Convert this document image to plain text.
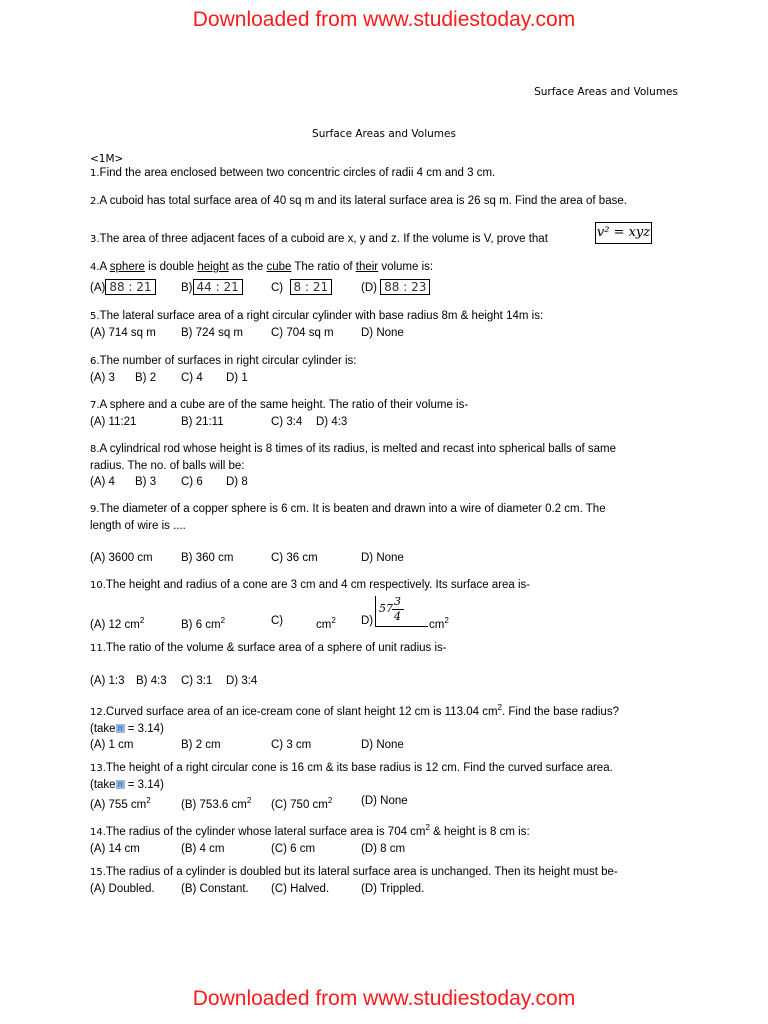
Downloaded from www.studiestoday.com
Surface Areas and Volumes
Surface Areas and Volumes
<1M>
1.Find the area enclosed between two concentric circles of radii 4 cm and 3 cm.
2.A cuboid has total surface area of 40 sq m and its lateral surface area is 26 sq m. Find the area of base.
3.The area of three adjacent faces of a cuboid are x, y and z. If the volume is V, prove that	v² = xyz
4.A sphere is double height as the cube The ratio of their volume is:
(A) 88 : 21	B) 44 : 21	C) 8 : 21	(D) 88 : 23
5.The lateral surface area of a right circular cylinder with base radius 8m & height 14m is:
(A) 714 sq m B) 724 sq m C) 704 sq m D) None
6.The number of surfaces in right circular cylinder is:
(A) 3 B) 2 C) 4 D) 1
7.A sphere and a cube are of the same height. The ratio of their volume is-
(A) 11:21	B) 21:11	C) 3:4 D) 4:3
8.A cylindrical rod whose height is 8 times of its radius, is melted and recast into spherical balls of same
radius. The no. of balls will be:
(A) 4 B) 3 C) 6 D) 8
9.The diameter of a copper sphere is 6 cm. It is beaten and drawn into a wire of diameter 0.2 cm. The
length of wire is ....
(A) 3600 cm B) 360 cm	C) 36 cm	D) None
10.The height and radius of a cone are 3 cm and 4 cm respectively. Its surface area is-
(A) 12 $cm^2$	B) 6 $cm^2$	C)	$cm^2$ D)	$cm^2$
57
3
4
11.The ratio of the volume & surface area of a sphere of unit radius is-
(A) 1:3 B) 4:3 C) 3:1 D) 3:4
12.Curved surface area of an ice-cream cone of slant height 12 cm is 113.04 $cm^2$. Find the base radius?
(take π = 3.14)
(A) 1 cm	B) 2 cm	C) 3 cm	D) None
13.The height of a right circular cone is 16 cm & its base radius is 12 cm. Find the curved surface area.
(take π = 3.14)
(A) 755 $cm^2$	(B) 753.6 $cm^2$ (C) 750 $cm^2$ (D) None
14.The radius of the cylinder whose lateral surface area is 704 $cm^2$ & height is 8 cm is:
(A) 14 cm	(B) 4 cm	(C) 6 cm	(D) 8 cm
15.The radius of a cylinder is doubled but its lateral surface area is unchanged. Then its height must be-
(A) Doubled. (B) Constant. (C) Halved.	(D) Trippled.
Downloaded from www.studiestoday.com
